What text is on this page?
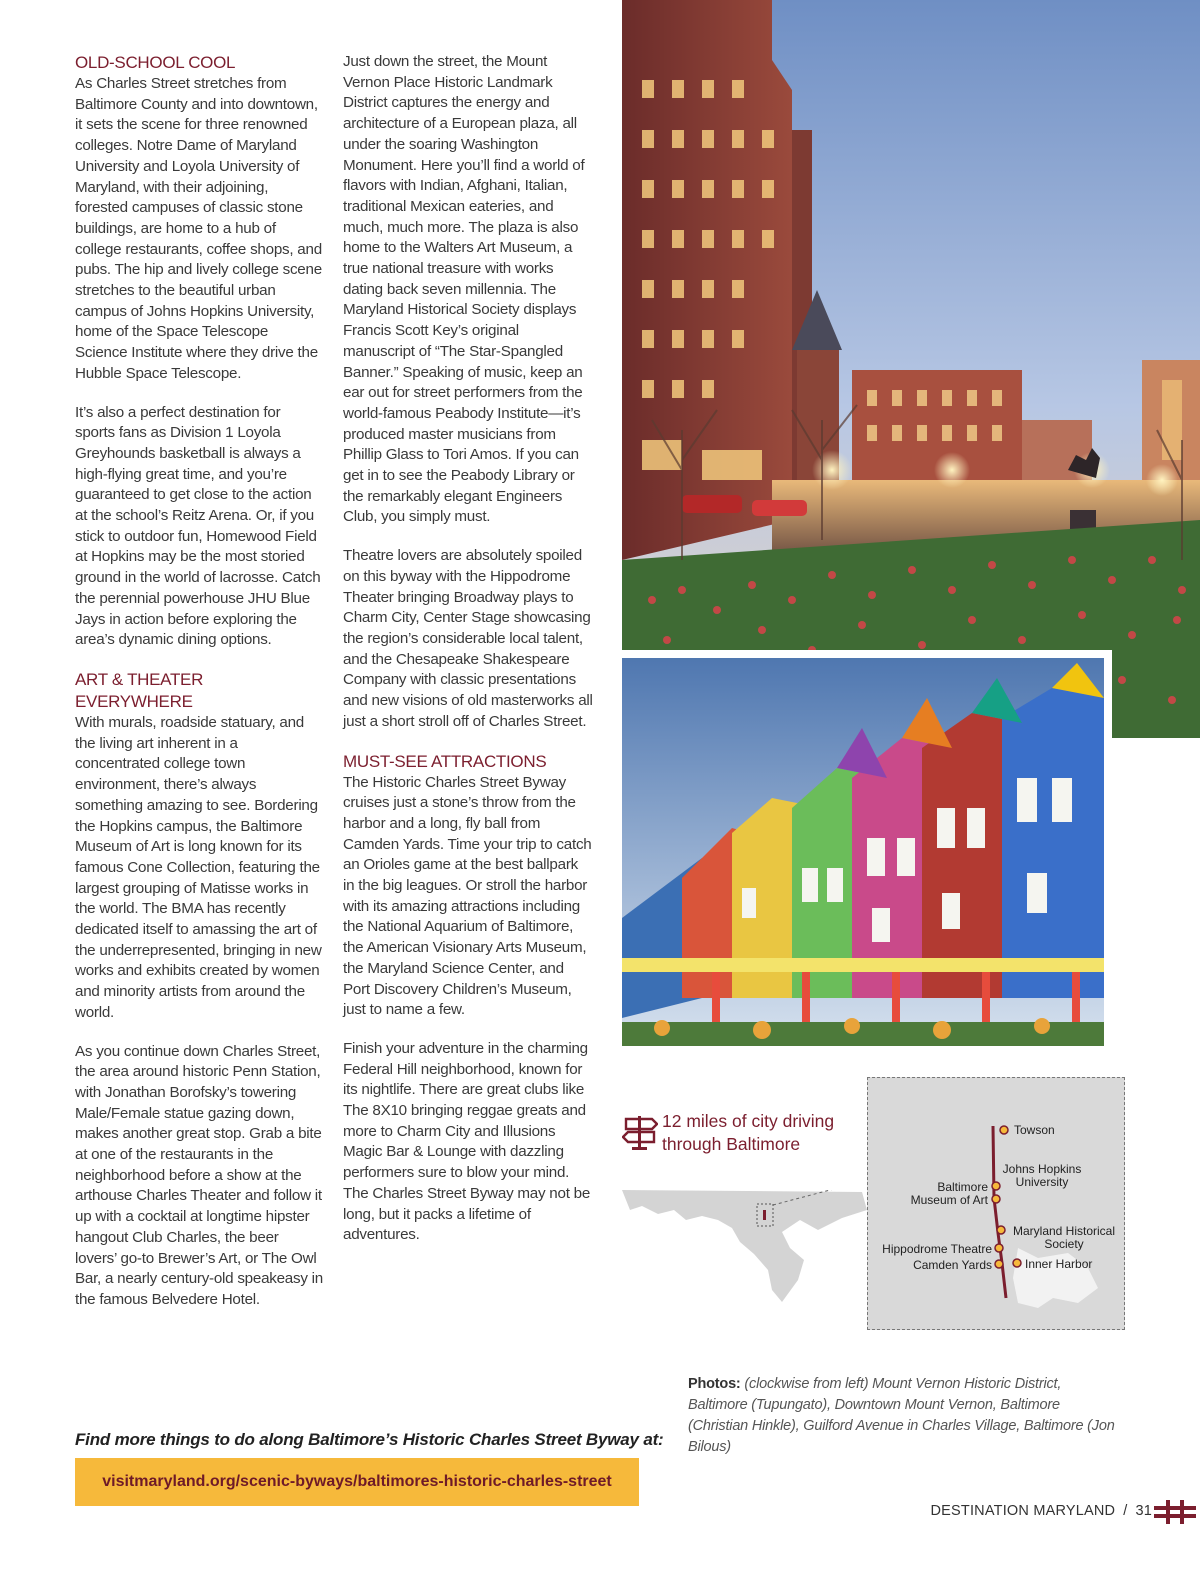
OLD-SCHOOL COOL

As Charles Street stretches from Baltimore County and into downtown, it sets the scene for three renowned colleges. Notre Dame of Maryland University and Loyola University of Maryland, with their adjoining, forested campuses of classic stone buildings, are home to a hub of college restaurants, coffee shops, and pubs. The hip and lively college scene stretches to the beautiful urban campus of Johns Hopkins University, home of the Space Telescope Science Institute where they drive the Hubble Space Telescope.

It’s also a perfect destination for sports fans as Division 1 Loyola Greyhounds basketball is always a high-flying great time, and you’re guaranteed to get close to the action at the school’s Reitz Arena. Or, if you stick to outdoor fun, Homewood Field at Hopkins may be the most storied ground in the world of lacrosse. Catch the perennial powerhouse JHU Blue Jays in action before exploring the area’s dynamic dining options.

ART & THEATER EVERYWHERE

With murals, roadside statuary, and the living art inherent in a concentrated college town environment, there’s always something amazing to see. Bordering the Hopkins campus, the Baltimore Museum of Art is long known for its famous Cone Collection, featuring the largest grouping of Matisse works in the world. The BMA has recently dedicated itself to amassing the art of the underrepresented, bringing in new works and exhibits created by women and minority artists from around the world.

As you continue down Charles Street, the area around historic Penn Station, with Jonathan Borofsky’s towering Male/Female statue gazing down, makes another great stop. Grab a bite at one of the restaurants in the neighborhood before a show at the arthouse Charles Theater and follow it up with a cocktail at longtime hipster hangout Club Charles, the beer lovers’ go-to Brewer’s Art, or The Owl Bar, a nearly century-old speakeasy in the famous Belvedere Hotel.

Just down the street, the Mount Vernon Place Historic Landmark District captures the energy and architecture of a European plaza, all under the soaring Washington Monument. Here you’ll find a world of flavors with Indian, Afghani, Italian, traditional Mexican eateries, and much, much more. The plaza is also home to the Walters Art Museum, a true national treasure with works dating back seven millennia. The Maryland Historical Society displays Francis Scott Key’s original manuscript of “The Star-Spangled Banner.” Speaking of music, keep an ear out for street performers from the world-famous Peabody Institute—it’s produced master musicians from Phillip Glass to Tori Amos. If you can get in to see the Peabody Library or the remarkably elegant Engineers Club, you simply must.

Theatre lovers are absolutely spoiled on this byway with the Hippodrome Theater bringing Broadway plays to Charm City, Center Stage showcasing the region’s considerable local talent, and the Chesapeake Shakespeare Company with classic presentations and new visions of old masterworks all just a short stroll off of Charles Street.

MUST-SEE ATTRACTIONS

The Historic Charles Street Byway cruises just a stone’s throw from the harbor and a long, fly ball from Camden Yards. Time your trip to catch an Orioles game at the best ballpark in the big leagues. Or stroll the harbor with its amazing attractions including the National Aquarium of Baltimore, the American Visionary Arts Museum, the Maryland Science Center, and Port Discovery Children’s Museum, just to name a few.

Finish your adventure in the charming Federal Hill neighborhood, known for its nightlife. There are great clubs like The 8X10 bringing reggae greats and more to Charm City and Illusions Magic Bar & Lounge with dazzling performers sure to blow your mind. The Charles Street Byway may not be long, but it packs a lifetime of adventures.

12 miles of city driving through Baltimore
Towson
Johns Hopkins University
Baltimore Museum of Art
Maryland Historical Society
Hippodrome Theatre
Camden Yards	Inner Harbor
Photos: (clockwise from left) Mount Vernon Historic District, Baltimore (Tupungato), Downtown Mount Vernon, Baltimore (Christian Hinkle), Guilford Avenue in Charles Village, Baltimore (Jon Bilous)
Find more things to do along Baltimore’s Historic Charles Street Byway at:
visitmaryland.org/scenic-byways/baltimores-historic-charles-street
DESTINATION MARYLAND / 31
